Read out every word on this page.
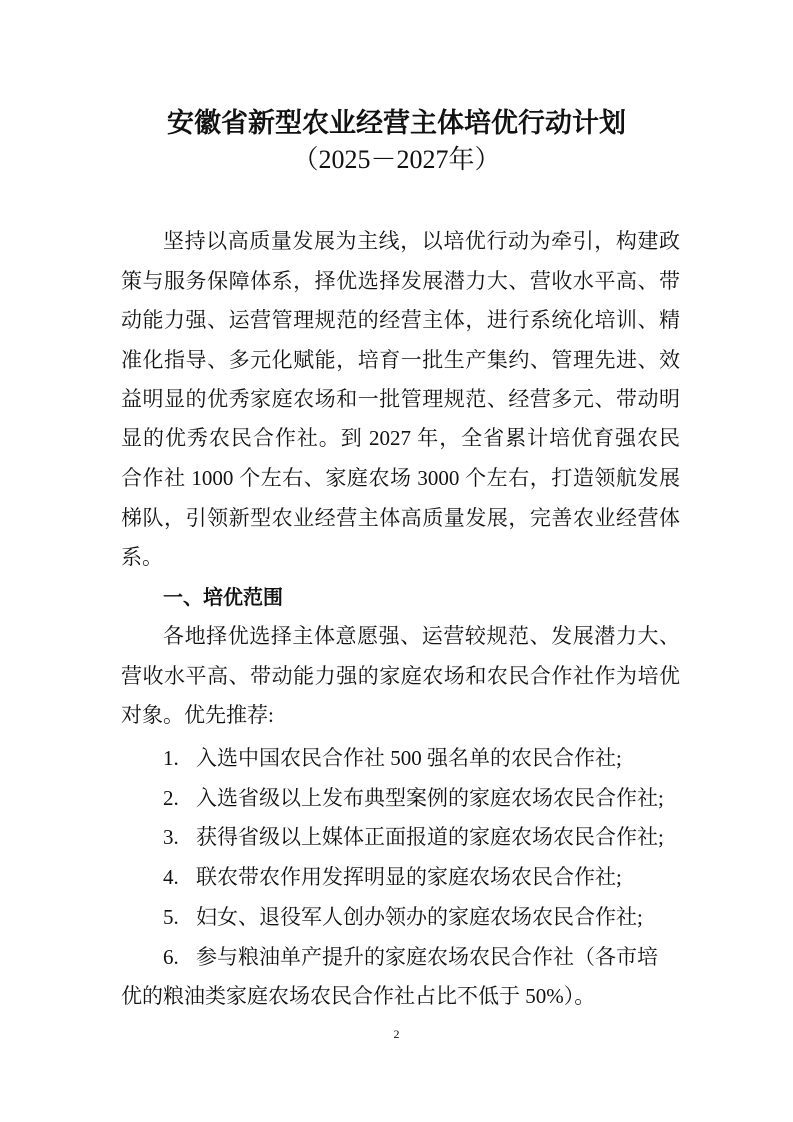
安徽省新型农业经营主体培优行动计划
（2025－2027年）
坚持以高质量发展为主线，以培优行动为牵引，构建政
策与服务保障体系，择优选择发展潜力大、营收水平高、带
动能力强、运营管理规范的经营主体，进行系统化培训、精
准化指导、多元化赋能，培育一批生产集约、管理先进、效
益明显的优秀家庭农场和一批管理规范、经营多元、带动明
显的优秀农民合作社。到 2027 年，全省累计培优育强农民
合作社 1000 个左右、家庭农场 3000 个左右，打造领航发展
梯队，引领新型农业经营主体高质量发展，完善农业经营体
系。
一、培优范围
各地择优选择主体意愿强、运营较规范、发展潜力大、
营收水平高、带动能力强的家庭农场和农民合作社作为培优
对象。优先推荐:
1. 入选中国农民合作社 500 强名单的农民合作社;
2. 入选省级以上发布典型案例的家庭农场农民合作社;
3. 获得省级以上媒体正面报道的家庭农场农民合作社;
4. 联农带农作用发挥明显的家庭农场农民合作社;
5. 妇女、退役军人创办领办的家庭农场农民合作社;
6. 参与粮油单产提升的家庭农场农民合作社（各市培
优的粮油类家庭农场农民合作社占比不低于 50%）。
2
